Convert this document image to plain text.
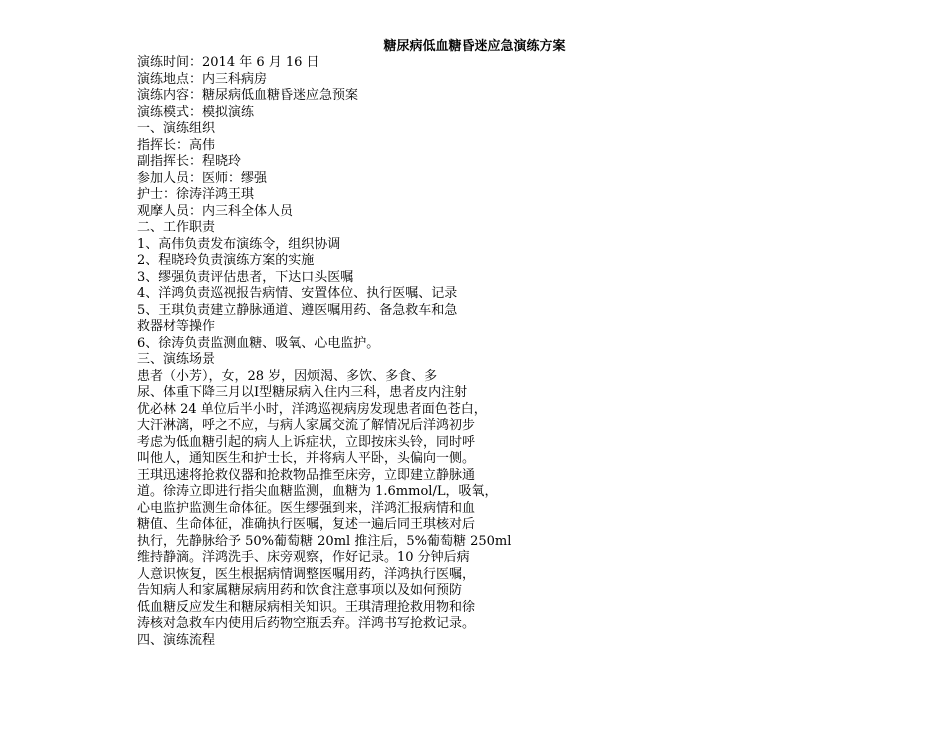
糖尿病低血糖昏迷应急演练方案
演练时间：2014 年 6 月 16 日
演练地点：内三科病房
演练内容：糖尿病低血糖昏迷应急预案
演练模式：模拟演练
一、演练组织
指挥长：高伟
副指挥长：程晓玲
参加人员：医师：缪强
护士：徐涛洋鸿王琪
观摩人员：内三科全体人员
二、工作职责
1、高伟负责发布演练令，组织协调
2、程晓玲负责演练方案的实施
3、缪强负责评估患者，下达口头医嘱
4、洋鸿负责巡视报告病情、安置体位、执行医嘱、记录
5、王琪负责建立静脉通道、遵医嘱用药、备急救车和急
救器材等操作
6、徐涛负责监测血糖、吸氧、心电监护。
三、演练场景
患者（小芳），女，28 岁，因烦渴、多饮、多食、多
尿、体重下降三月以Ⅰ型糖尿病入住内三科，患者皮内注射
优必林 24 单位后半小时，洋鸿巡视病房发现患者面色苍白，
大汗淋漓，呼之不应，与病人家属交流了解情况后洋鸿初步
考虑为低血糖引起的病人上诉症状，立即按床头铃，同时呼
叫他人，通知医生和护士长，并将病人平卧，头偏向一侧。
王琪迅速将抢救仪器和抢救物品推至床旁，立即建立静脉通
道。徐涛立即进行指尖血糖监测，血糖为 1.6mmol/L，吸氧，
心电监护监测生命体征。医生缪强到来，洋鸿汇报病情和血
糖值、生命体征，准确执行医嘱，复述一遍后同王琪核对后
执行，先静脉给予 50%葡萄糖 20ml 推注后，5%葡萄糖 250ml
维持静滴。洋鸿洗手、床旁观察，作好记录。10 分钟后病
人意识恢复，医生根据病情调整医嘱用药，洋鸿执行医嘱，
告知病人和家属糖尿病用药和饮食注意事项以及如何预防
低血糖反应发生和糖尿病相关知识。王琪清理抢救用物和徐
涛核对急救车内使用后药物空瓶丢弃。洋鸿书写抢救记录。
四、演练流程
